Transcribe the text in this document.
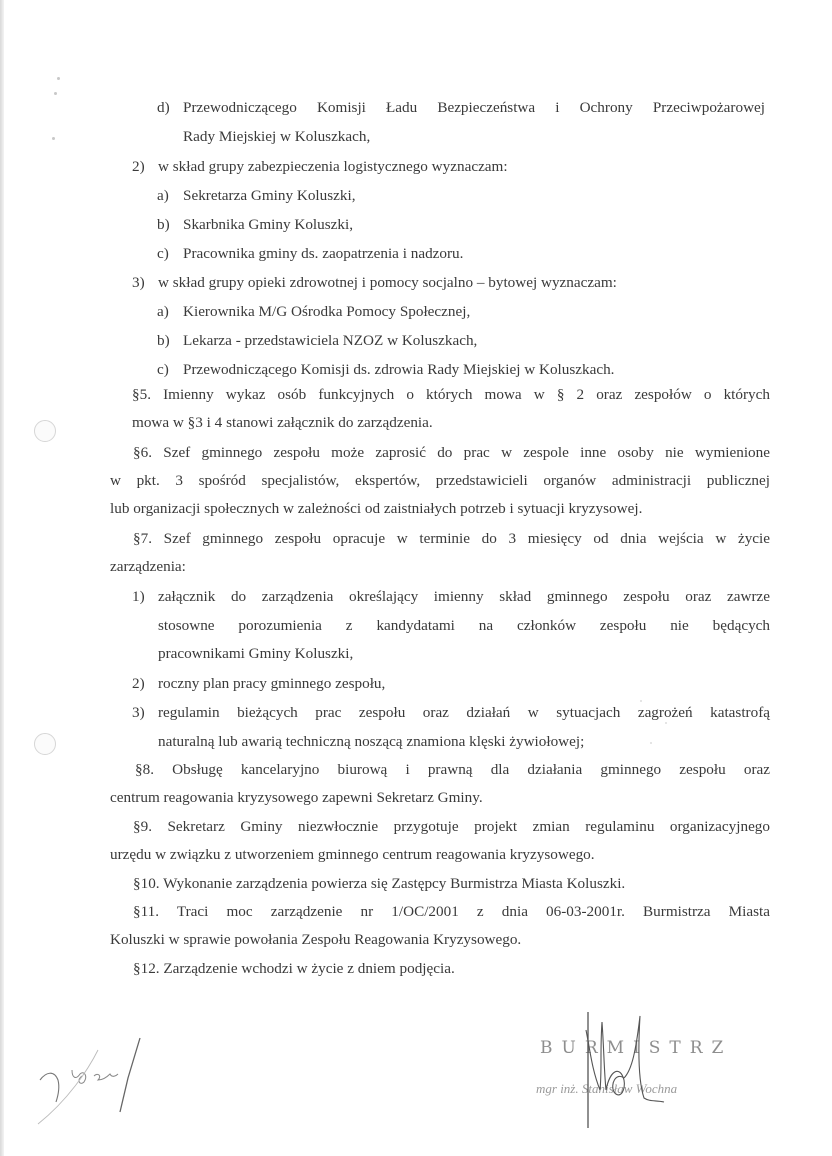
d) Przewodniczącego Komisji Ładu Bezpieczeństwa i Ochrony Przeciwpożarowej
Rady Miejskiej w Koluszkach,
2) w skład grupy zabezpieczenia logistycznego wyznaczam:
a) Sekretarza Gminy Koluszki,
b) Skarbnika Gminy Koluszki,
c) Pracownika gminy ds. zaopatrzenia i nadzoru.
3) w skład grupy opieki zdrowotnej i pomocy socjalno – bytowej wyznaczam:
a) Kierownika M/G Ośrodka Pomocy Społecznej,
b) Lekarza - przedstawiciela NZOZ w Koluszkach,
c) Przewodniczącego Komisji ds. zdrowia Rady Miejskiej w Koluszkach.
§5. Imienny wykaz osób funkcyjnych o których mowa w § 2 oraz zespołów o których
mowa w §3 i 4 stanowi załącznik do zarządzenia.
§6. Szef gminnego zespołu może zaprosić do prac w zespole inne osoby nie wymienione
w pkt. 3 spośród specjalistów, ekspertów, przedstawicieli organów administracji publicznej
lub organizacji społecznych w zależności od zaistniałych potrzeb i sytuacji kryzysowej.
§7. Szef gminnego zespołu opracuje w terminie do 3 miesięcy od dnia wejścia w życie
zarządzenia:
1) załącznik do zarządzenia określający imienny skład gminnego zespołu oraz zawrze
stosowne porozumienia z kandydatami na członków zespołu nie będących
pracownikami Gminy Koluszki,
2) roczny plan pracy gminnego zespołu,
3) regulamin bieżących prac zespołu oraz działań w sytuacjach zagrożeń katastrofą
naturalną lub awarią techniczną noszącą znamiona klęski żywiołowej;
§8. Obsługę kancelaryjno biurową i prawną dla działania gminnego zespołu oraz
centrum reagowania kryzysowego zapewni Sekretarz Gminy.
§9. Sekretarz Gminy niezwłocznie przygotuje projekt zmian regulaminu organizacyjnego
urzędu w związku z utworzeniem gminnego centrum reagowania kryzysowego.
§10. Wykonanie zarządzenia powierza się Zastępcy Burmistrza Miasta Koluszki.
§11. Traci moc zarządzenie nr 1/OC/2001 z dnia 06-03-2001r. Burmistrza Miasta
Koluszki w sprawie powołania Zespołu Reagowania Kryzysowego.
§12. Zarządzenie wchodzi w życie z dniem podjęcia.
BURMISTRZ
mgr inż. Stanisław Wochna
